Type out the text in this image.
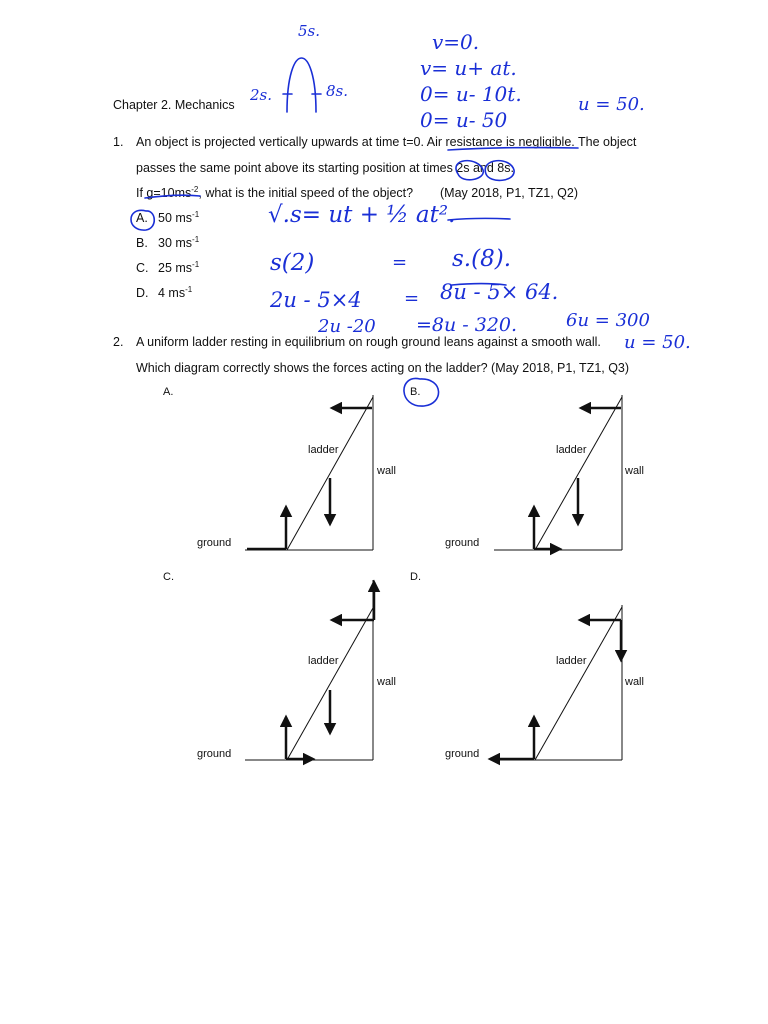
Chapter 2. Mechanics
1. An object is projected vertically upwards at time t=0. Air resistance is negligible. The object
passes the same point above its starting position at times 2s and 8s.
If $g=10ms^{-2}$, what is the initial speed of the object? (May 2018, P1, TZ1, Q2)
A. 50 $ms^{-1}$
B. 30 $ms^{-1}$
C. 25 $ms^{-1}$
D. 4 $ms^{-1}$
2. A uniform ladder resting in equilibrium on rough ground leans against a smooth wall.
Which diagram correctly shows the forces acting on the ladder? (May 2018, P1, TZ1, Q3)
A.
ladder
wall
ground
B.
ladder
wall
ground
C.
ladder
wall
ground
D.
ladder
wall
ground
5s.
2s.	8s.
v=0.
v= u+ at.
0= u- 10t.
0= u- 50
u = 50.
√.s= ut + ½ at².
s(2)	= s.(8).
2u - 5×4 = 8u - 5× 64.
2u -20 =8u - 320.	6u = 300
u = 50.
